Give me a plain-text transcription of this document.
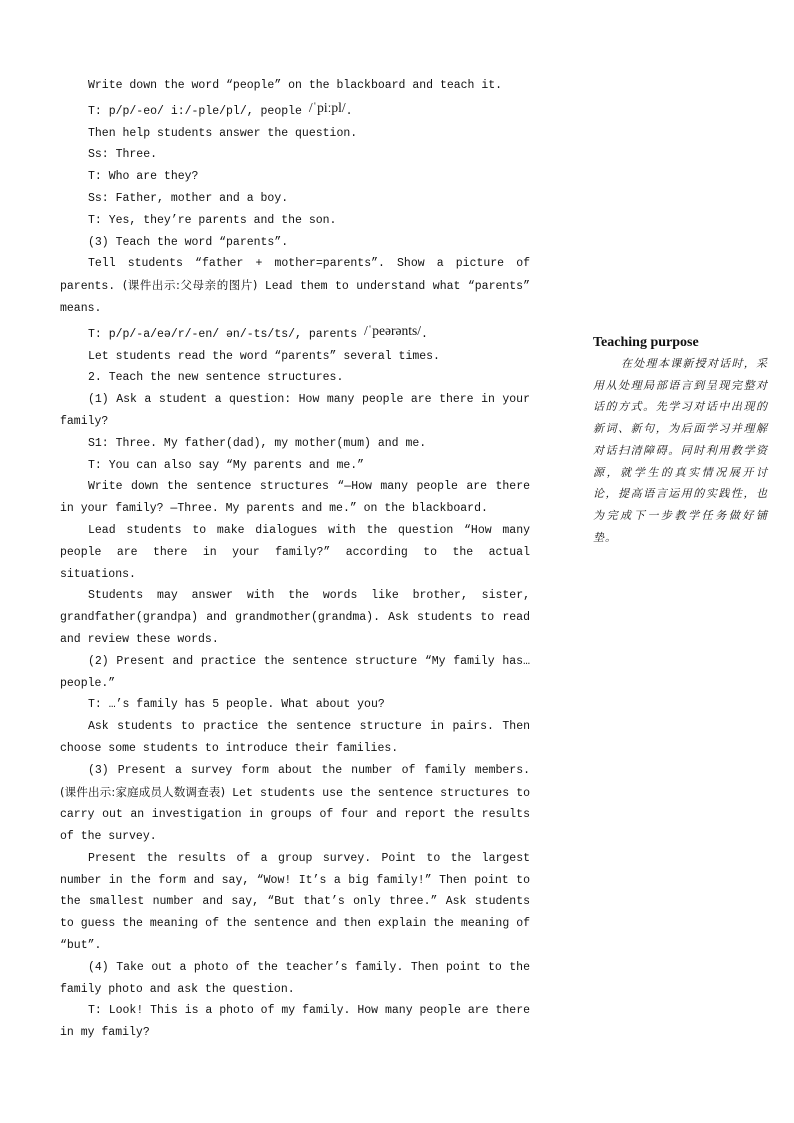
Write down the word “people” on the blackboard and teach it.

T: p/p/-eo/ i:/-ple/pl/, people /ˈpiːpl/.

Then help students answer the question.

Ss: Three.

T: Who are they?

Ss: Father, mother and a boy.

T: Yes, they’re parents and the son.

(3) Teach the word “parents”.

Tell students “father + mother=parents”. Show a picture of parents. (课件出示:父母亲的图片) Lead them to understand what “parents” means.

T: p/p/-a/eə/r/-en/ ən/-ts/ts/, parents /ˈpeərənts/.

Let students read the word “parents” several times.

2. Teach the new sentence structures.

(1) Ask a student a question: How many people are there in your family?

S1: Three. My father(dad), my mother(mum) and me.

T: You can also say “My parents and me.”

Write down the sentence structures “—How many people are there in your family? —Three. My parents and me.” on the blackboard.

Lead students to make dialogues with the question “How many people are there in your family?” according to the actual situations.

Students may answer with the words like brother, sister, grandfather(grandpa) and grandmother(grandma). Ask students to read and review these words.

(2) Present and practice the sentence structure “My family has…people.”

T: …’s family has 5 people. What about you?

Ask students to practice the sentence structure in pairs. Then choose some students to introduce their families.

(3) Present a survey form about the number of family members. (课件出示:家庭成员人数调查表) Let students use the sentence structures to carry out an investigation in groups of four and report the results of the survey.

Present the results of a group survey. Point to the largest number in the form and say, “Wow! It’s a big family!” Then point to the smallest number and say, “But that’s only three.” Ask students to guess the meaning of the sentence and then explain the meaning of “but”.

(4) Take out a photo of the teacher’s family. Then point to the family photo and ask the question.

T: Look! This is a photo of my family. How many people are there in my family?

Teaching purpose

在处理本课新授对话时，采用从处理局部语言到呈现完整对话的方式。先学习对话中出现的新词、新句，为后面学习并理解对话扫清障碍。同时利用教学资源，就学生的真实情况展开讨论，提高语言运用的实践性，也为完成下一步教学任务做好铺垫。
